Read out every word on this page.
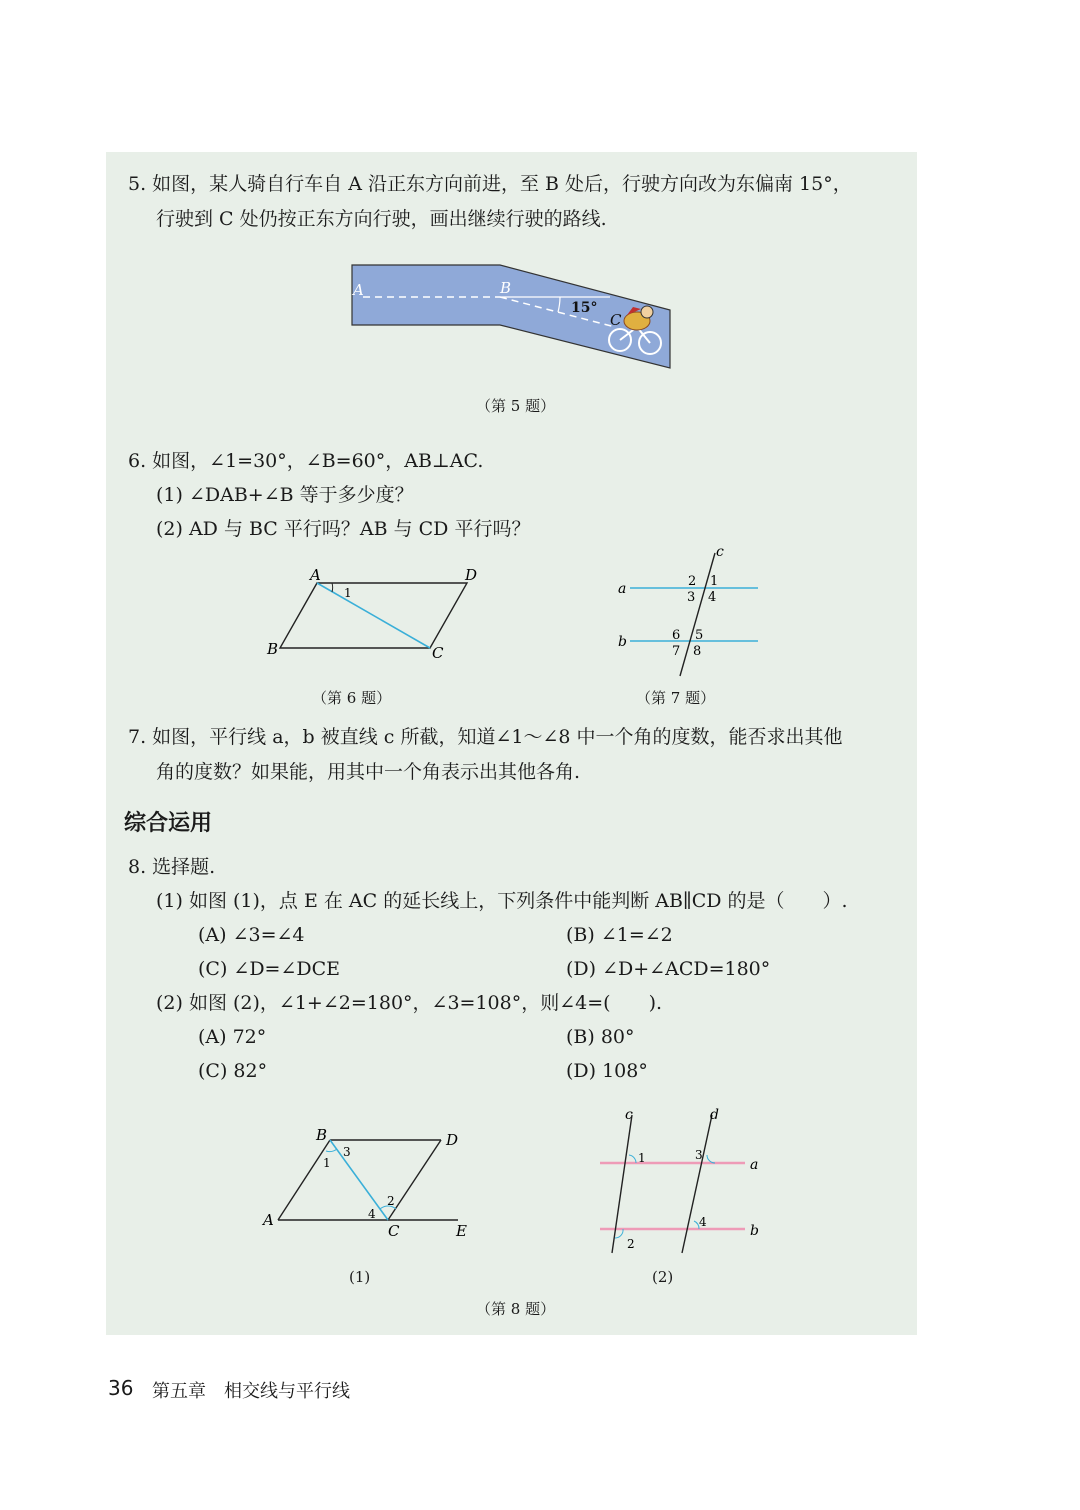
5. 如图，某人骑自行车自 A 沿正东方向前进，至 B 处后，行驶方向改为东偏南 15°，
行驶到 C 处仍按正东方向行驶，画出继续行驶的路线.
A	B
15°
C
（第 5 题）
6. 如图，∠1=30°，∠B=60°，AB⊥AC.
(1) ∠DAB+∠B 等于多少度？
(2) AD 与 BC 平行吗？AB 与 CD 平行吗？
A	D
B	C
1
（第 6 题）
c
a
b
2 1
3 4
6 5
7 8
（第 7 题）
7. 如图，平行线 a，b 被直线 c 所截，知道∠1～∠8 中一个角的度数，能否求出其他
角的度数？如果能，用其中一个角表示出其他各角.
综合运用
8. 选择题.
(1) 如图 (1)，点 E 在 AC 的延长线上，下列条件中能判断 AB∥CD 的是（　　）.
(A) ∠3=∠4	(B) ∠1=∠2
(C) ∠D=∠DCE	(D) ∠D+∠ACD=180°
(2) 如图 (2)，∠1+∠2=180°，∠3=108°，则∠4=(　　).
(A) 72°	(B) 80°
(C) 82°	(D) 108°
B	D
A
C	E
1
3
2
4
(1)
c	d
a
b
1	3
4
2
(2)
（第 8 题）
36 第五章　相交线与平行线
